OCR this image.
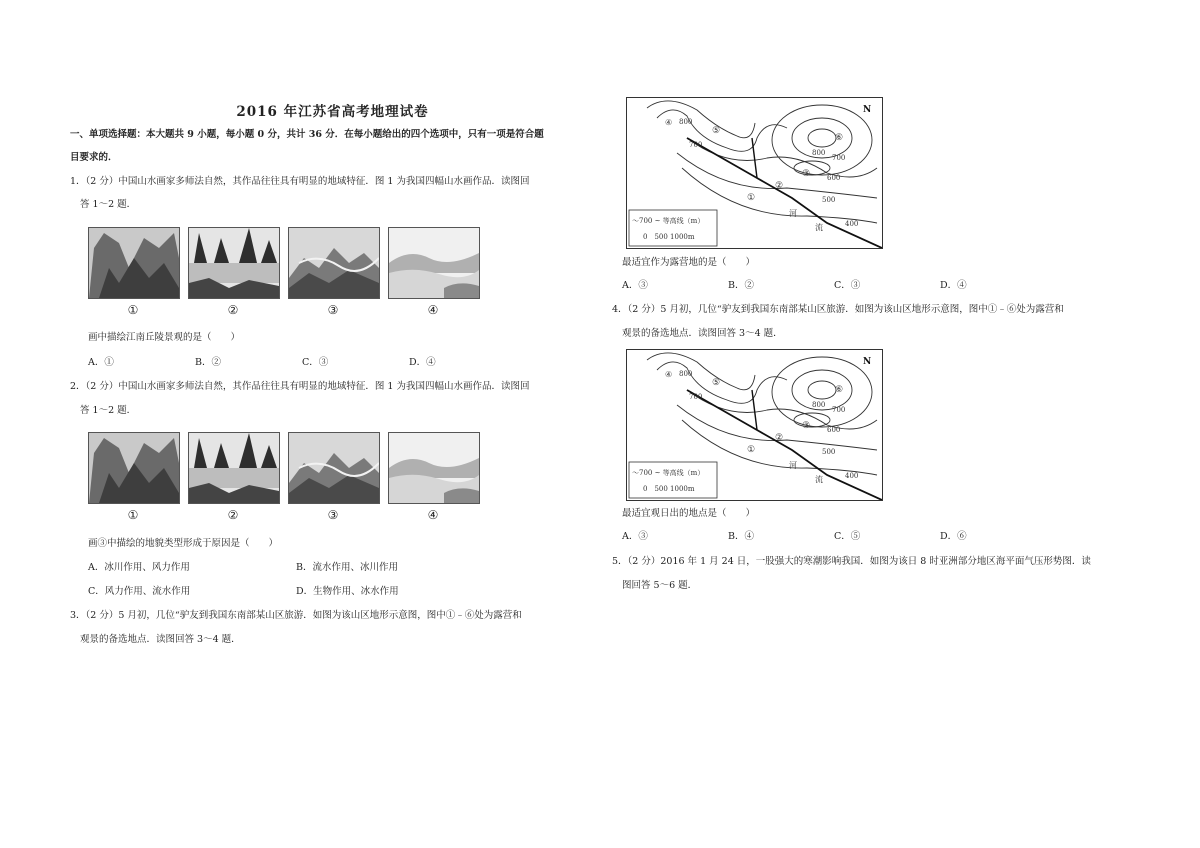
2016 年江苏省高考地理试卷
一、单项选择题：本大题共 9 小题，每小题 0 分，共计 36 分．在每小题给出的四个选项中，只有一项是符合题
目要求的．
1．（2 分）中国山水画家多师法自然，其作品往往具有明显的地域特征．图 1 为我国四幅山水画作品．读图回
答 1～2 题．
①	②	③	④
画中描绘江南丘陵景观的是（　　）
A．①	B．②	C．③	D．④
2．（2 分）中国山水画家多师法自然，其作品往往具有明显的地域特征．图 1 为我国四幅山水画作品．读图回
答 1～2 题．
①	②	③	④
画③中描绘的地貌类型形成于原因是（　　）
A．冰川作用、风力作用	B．流水作用、冰川作用
C．风力作用、流水作用	D．生物作用、冰水作用
3．（2 分）5 月初，几位“驴友到我国东南部某山区旅游．如图为该山区地形示意图，图中①﹣⑥处为露营和
观景的备选地点．读图回答 3～4 题．
④ 800
⑤
700
⑥
800
700
③ 600
②
①	500
400
河
流
N
～700 ~ 等高线（m）
0　500 1000m
最适宜作为露营地的是（　　）
A．③	B．②	C．③	D．④
4．（2 分）5 月初，几位“驴友到我国东南部某山区旅游．如图为该山区地形示意图，图中①﹣⑥处为露营和
观景的备选地点．读图回答 3～4 题．
④ 800
⑤
700
⑥
800
700
③ 600
②
①	500
400
河
流
N
～700 ~ 等高线（m）
0　500 1000m
最适宜观日出的地点是（　　）
A．③	B．④	C．⑤	D．⑥
5．（2 分）2016 年 1 月 24 日，一股强大的寒潮影响我国．如图为该日 8 时亚洲部分地区海平面气压形势图．读
图回答 5～6 题．
